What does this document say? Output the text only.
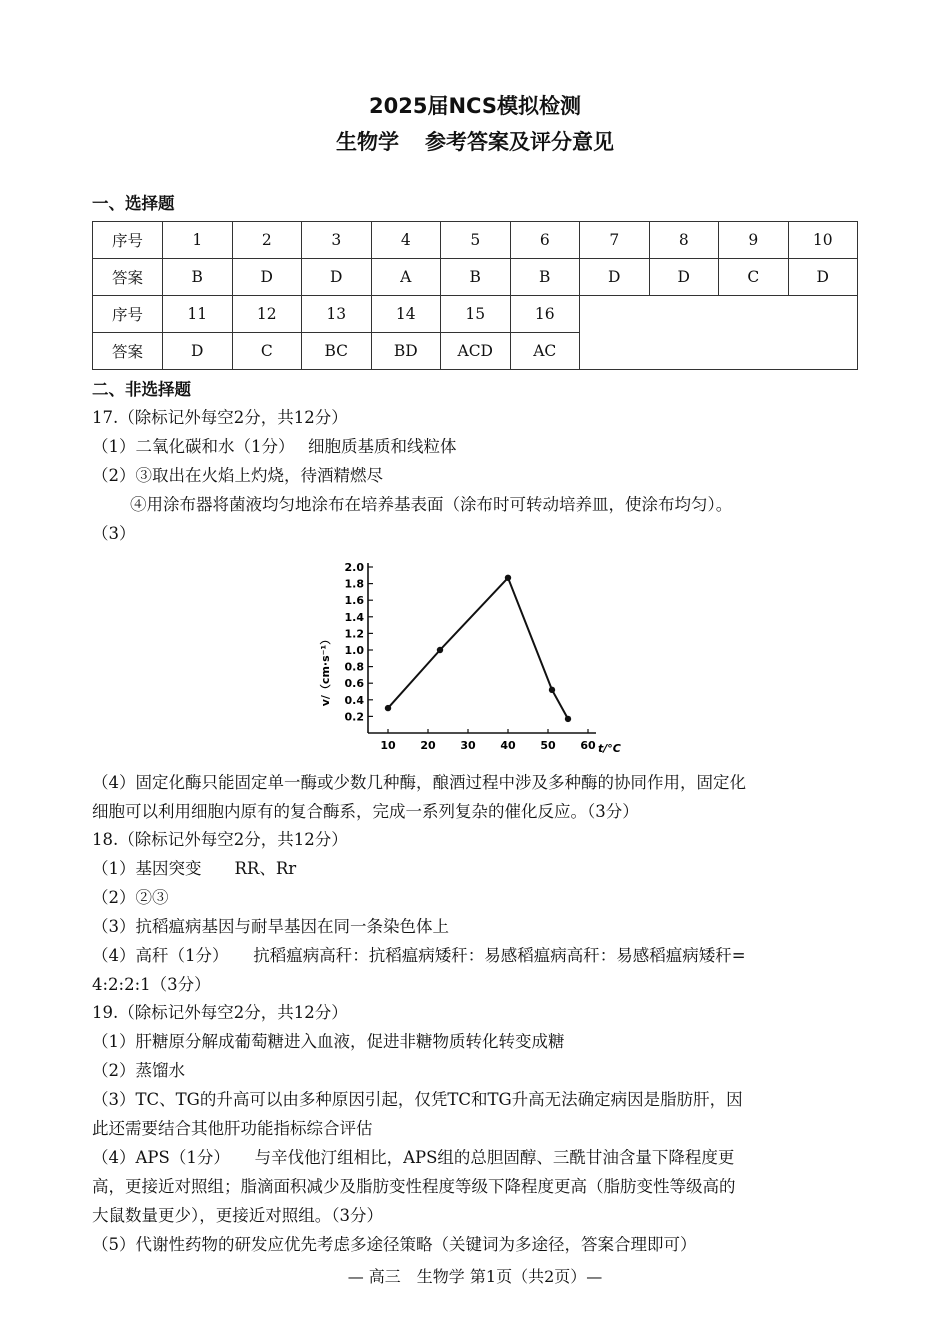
2025届NCS模拟检测
生物学 参考答案及评分意见
一、选择题
序号	1	2	3	4	5	6	7	8	9	10
答案	B	D	D	A	B	B	D	D	C	D
序号	11	12	13	14	15	16				
答案	D	C	BC	BD	ACD	AC				
二、非选择题
17.（除标记外每空2分，共12分）
（1）二氧化碳和水（1分）　 细胞质基质和线粒体
（2）③取出在火焰上灼烧，待酒精燃尽
④用涂布器将菌液均匀地涂布在培养基表面（涂布时可转动培养皿，使涂布均匀）。
（3）
0.2
0.4
0.6
0.8
1.0
1.2
1.4
1.6
1.8
2.0
10 20 30 40 50 60 t/°C
v/（cm·s⁻¹）
（4）固定化酶只能固定单一酶或少数几种酶，酿酒过程中涉及多种酶的协同作用，固定化
细胞可以利用细胞内原有的复合酶系，完成一系列复杂的催化反应。（3分）
18.（除标记外每空2分，共12分）
（1）基因突变　　RR、Rr
（2）②③
（3）抗稻瘟病基因与耐旱基因在同一条染色体上
（4）高秆（1分）　　抗稻瘟病高秆：抗稻瘟病矮秆：易感稻瘟病高秆：易感稻瘟病矮秆=
4:2:2:1（3分）
19.（除标记外每空2分，共12分）
（1）肝糖原分解成葡萄糖进入血液，促进非糖物质转化转变成糖
（2）蒸馏水
（3）TC、TG的升高可以由多种原因引起，仅凭TC和TG升高无法确定病因是脂肪肝，因
此还需要结合其他肝功能指标综合评估
（4）APS（1分）　　与辛伐他汀组相比，APS组的总胆固醇、三酰甘油含量下降程度更
高，更接近对照组；脂滴面积减少及脂肪变性程度等级下降程度更高（脂肪变性等级高的
大鼠数量更少），更接近对照组。（3分）
（5）代谢性药物的研发应优先考虑多途径策略（关键词为多途径，答案合理即可）
— 高三　生物学 第1页（共2页）—
